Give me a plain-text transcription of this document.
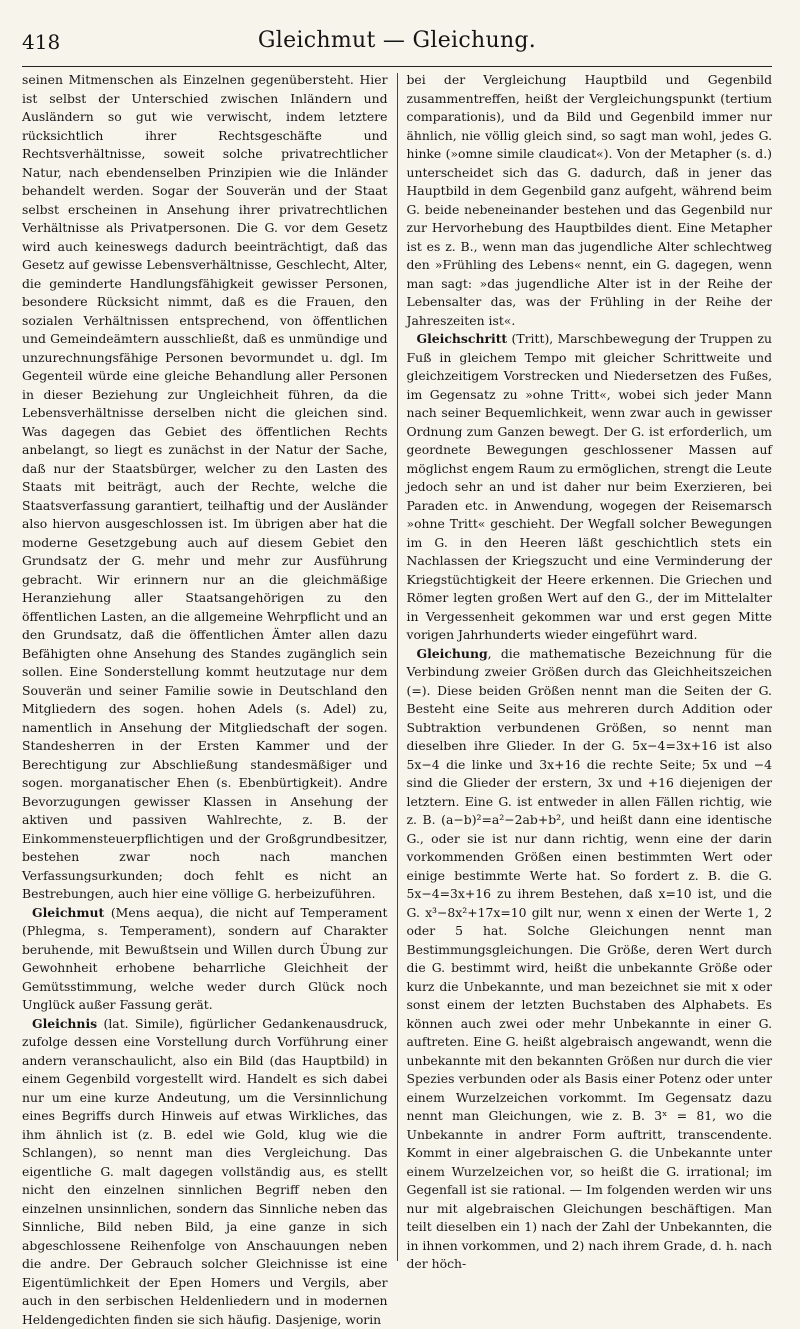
418	Gleichmut — Gleichung.

seinen Mitmenschen als Einzelnen gegenübersteht. Hier ist selbst der Unterschied zwischen Inländern und Ausländern so gut wie verwischt, indem letztere rücksichtlich ihrer Rechtsgeschäfte und Rechtsverhältnisse, soweit solche privatrechtlicher Natur, nach ebendenselben Prinzipien wie die Inländer behandelt werden. Sogar der Souverän und der Staat selbst erscheinen in Ansehung ihrer privatrechtlichen Verhältnisse als Privatpersonen. Die G. vor dem Gesetz wird auch keineswegs dadurch beeinträchtigt, daß das Gesetz auf gewisse Lebensverhältnisse, Geschlecht, Alter, die geminderte Handlungsfähigkeit gewisser Personen, besondere Rücksicht nimmt, daß es die Frauen, den sozialen Verhältnissen entsprechend, von öffentlichen und Gemeindeämtern ausschließt, daß es unmündige und unzurechnungsfähige Personen bevormundet u. dgl. Im Gegenteil würde eine gleiche Behandlung aller Personen in dieser Beziehung zur Ungleichheit führen, da die Lebensverhältnisse derselben nicht die gleichen sind. Was dagegen das Gebiet des öffentlichen Rechts anbelangt, so liegt es zunächst in der Natur der Sache, daß nur der Staatsbürger, welcher zu den Lasten des Staats mit beiträgt, auch der Rechte, welche die Staatsverfassung garantiert, teilhaftig und der Ausländer also hiervon ausgeschlossen ist. Im übrigen aber hat die moderne Gesetzgebung auch auf diesem Gebiet den Grundsatz der G. mehr und mehr zur Ausführung gebracht. Wir erinnern nur an die gleichmäßige Heranziehung aller Staatsangehörigen zu den öffentlichen Lasten, an die allgemeine Wehrpflicht und an den Grundsatz, daß die öffentlichen Ämter allen dazu Befähigten ohne Ansehung des Standes zugänglich sein sollen. Eine Sonderstellung kommt heutzutage nur dem Souverän und seiner Familie sowie in Deutschland den Mitgliedern des sogen. hohen Adels (s. Adel) zu, namentlich in Ansehung der Mitgliedschaft der sogen. Standesherren in der Ersten Kammer und der Berechtigung zur Abschließung standesmäßiger und sogen. morganatischer Ehen (s. Ebenbürtigkeit). Andre Bevorzugungen gewisser Klassen in Ansehung der aktiven und passiven Wahlrechte, z. B. der Einkommensteuerpflichtigen und der Großgrundbesitzer, bestehen zwar noch nach manchen Verfassungsurkunden; doch fehlt es nicht an Bestrebungen, auch hier eine völlige G. herbeizuführen.

Gleichmut (Mens aequa), die nicht auf Temperament (Phlegma, s. Temperament), sondern auf Charakter beruhende, mit Bewußtsein und Willen durch Übung zur Gewohnheit erhobene beharrliche Gleichheit der Gemütsstimmung, welche weder durch Glück noch Unglück außer Fassung gerät.

Gleichnis (lat. Simile), figürlicher Gedankenausdruck, zufolge dessen eine Vorstellung durch Vorführung einer andern veranschaulicht, also ein Bild (das Hauptbild) in einem Gegenbild vorgestellt wird. Handelt es sich dabei nur um eine kurze Andeutung, um die Versinnlichung eines Begriffs durch Hinweis auf etwas Wirkliches, das ihm ähnlich ist (z. B. edel wie Gold, klug wie die Schlangen), so nennt man dies Vergleichung. Das eigentliche G. malt dagegen vollständig aus, es stellt nicht den einzelnen sinnlichen Begriff neben den einzelnen unsinnlichen, sondern das Sinnliche neben das Sinnliche, Bild neben Bild, ja eine ganze in sich abgeschlossene Reihenfolge von Anschauungen neben die andre. Der Gebrauch solcher Gleichnisse ist eine Eigentümlichkeit der Epen Homers und Vergils, aber auch in den serbischen Heldenliedern und in modernen Heldengedichten finden sie sich häufig. Dasjenige, worin

bei der Vergleichung Hauptbild und Gegenbild zusammentreffen, heißt der Vergleichungspunkt (tertium comparationis), und da Bild und Gegenbild immer nur ähnlich, nie völlig gleich sind, so sagt man wohl, jedes G. hinke (»omne simile claudicat«). Von der Metapher (s. d.) unterscheidet sich das G. dadurch, daß in jener das Hauptbild in dem Gegenbild ganz aufgeht, während beim G. beide nebeneinander bestehen und das Gegenbild nur zur Hervorhebung des Hauptbildes dient. Eine Metapher ist es z. B., wenn man das jugendliche Alter schlechtweg den »Frühling des Lebens« nennt, ein G. dagegen, wenn man sagt: »das jugendliche Alter ist in der Reihe der Lebensalter das, was der Frühling in der Reihe der Jahreszeiten ist«.

Gleichschritt (Tritt), Marschbewegung der Truppen zu Fuß in gleichem Tempo mit gleicher Schrittweite und gleichzeitigem Vorstrecken und Niedersetzen des Fußes, im Gegensatz zu »ohne Tritt«, wobei sich jeder Mann nach seiner Bequemlichkeit, wenn zwar auch in gewisser Ordnung zum Ganzen bewegt. Der G. ist erforderlich, um geordnete Bewegungen geschlossener Massen auf möglichst engem Raum zu ermöglichen, strengt die Leute jedoch sehr an und ist daher nur beim Exerzieren, bei Paraden etc. in Anwendung, wogegen der Reisemarsch »ohne Tritt« geschieht. Der Wegfall solcher Bewegungen im G. in den Heeren läßt geschichtlich stets ein Nachlassen der Kriegszucht und eine Verminderung der Kriegstüchtigkeit der Heere erkennen. Die Griechen und Römer legten großen Wert auf den G., der im Mittelalter in Vergessenheit gekommen war und erst gegen Mitte vorigen Jahrhunderts wieder eingeführt ward.

Gleichung, die mathematische Bezeichnung für die Verbindung zweier Größen durch das Gleichheitszeichen (=). Diese beiden Größen nennt man die Seiten der G. Besteht eine Seite aus mehreren durch Addition oder Subtraktion verbundenen Größen, so nennt man dieselben ihre Glieder. In der G. 5x−4=3x+16 ist also 5x−4 die linke und 3x+16 die rechte Seite; 5x und −4 sind die Glieder der erstern, 3x und +16 diejenigen der letztern. Eine G. ist entweder in allen Fällen richtig, wie z. B. (a−b)²=a²−2ab+b², und heißt dann eine identische G., oder sie ist nur dann richtig, wenn eine der darin vorkommenden Größen einen bestimmten Wert oder einige bestimmte Werte hat. So fordert z. B. die G. 5x−4=3x+16 zu ihrem Bestehen, daß x=10 ist, und die G. x³−8x²+17x=10 gilt nur, wenn x einen der Werte 1, 2 oder 5 hat. Solche Gleichungen nennt man Bestimmungsgleichungen. Die Größe, deren Wert durch die G. bestimmt wird, heißt die unbekannte Größe oder kurz die Unbekannte, und man bezeichnet sie mit x oder sonst einem der letzten Buchstaben des Alphabets. Es können auch zwei oder mehr Unbekannte in einer G. auftreten. Eine G. heißt algebraisch angewandt, wenn die unbekannte mit den bekannten Größen nur durch die vier Spezies verbunden oder als Basis einer Potenz oder unter einem Wurzelzeichen vorkommt. Im Gegensatz dazu nennt man Gleichungen, wie z. B. 3ˣ = 81, wo die Unbekannte in andrer Form auftritt, transcendente. Kommt in einer algebraischen G. die Unbekannte unter einem Wurzelzeichen vor, so heißt die G. irrational; im Gegenfall ist sie rational. — Im folgenden werden wir uns nur mit algebraischen Gleichungen beschäftigen. Man teilt dieselben ein 1) nach der Zahl der Unbekannten, die in ihnen vorkommen, und 2) nach ihrem Grade, d. h. nach der höch-
